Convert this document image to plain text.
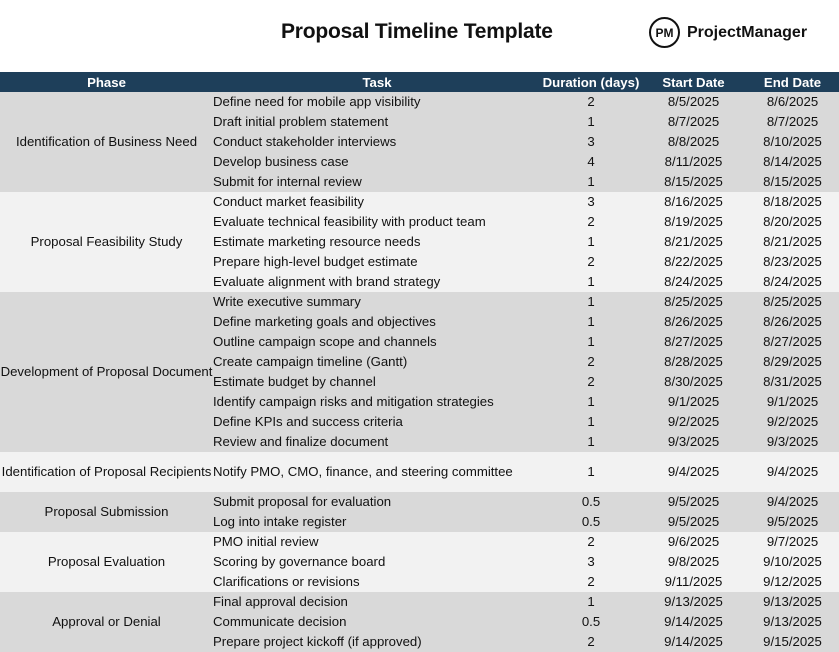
Proposal Timeline Template	PM ProjectManager
Phase	Task	Duration (days)	Start Date	End Date
Identification of Business Need	Define need for mobile app visibility	2	8/5/2025	8/6/2025
	Draft initial problem statement	1	8/7/2025	8/7/2025
	Conduct stakeholder interviews	3	8/8/2025	8/10/2025
	Develop business case	4	8/11/2025	8/14/2025
	Submit for internal review	1	8/15/2025	8/15/2025
Proposal Feasibility Study	Conduct market feasibility	3	8/16/2025	8/18/2025
	Evaluate technical feasibility with product team	2	8/19/2025	8/20/2025
	Estimate marketing resource needs	1	8/21/2025	8/21/2025
	Prepare high-level budget estimate	2	8/22/2025	8/23/2025
	Evaluate alignment with brand strategy	1	8/24/2025	8/24/2025
Development of Proposal Document	Write executive summary	1	8/25/2025	8/25/2025
	Define marketing goals and objectives	1	8/26/2025	8/26/2025
	Outline campaign scope and channels	1	8/27/2025	8/27/2025
	Create campaign timeline (Gantt)	2	8/28/2025	8/29/2025
	Estimate budget by channel	2	8/30/2025	8/31/2025
	Identify campaign risks and mitigation strategies	1	9/1/2025	9/1/2025
	Define KPIs and success criteria	1	9/2/2025	9/2/2025
	Review and finalize document	1	9/3/2025	9/3/2025
Identification of Proposal Recipients	Notify PMO, CMO, finance, and steering committee	1	9/4/2025	9/4/2025
Proposal Submission	Submit proposal for evaluation	0.5	9/5/2025	9/4/2025
	Log into intake register	0.5	9/5/2025	9/5/2025
Proposal Evaluation	PMO initial review	2	9/6/2025	9/7/2025
	Scoring by governance board	3	9/8/2025	9/10/2025
	Clarifications or revisions	2	9/11/2025	9/12/2025
Approval or Denial	Final approval decision	1	9/13/2025	9/13/2025
	Communicate decision	0.5	9/14/2025	9/13/2025
	Prepare project kickoff (if approved)	2	9/14/2025	9/15/2025
